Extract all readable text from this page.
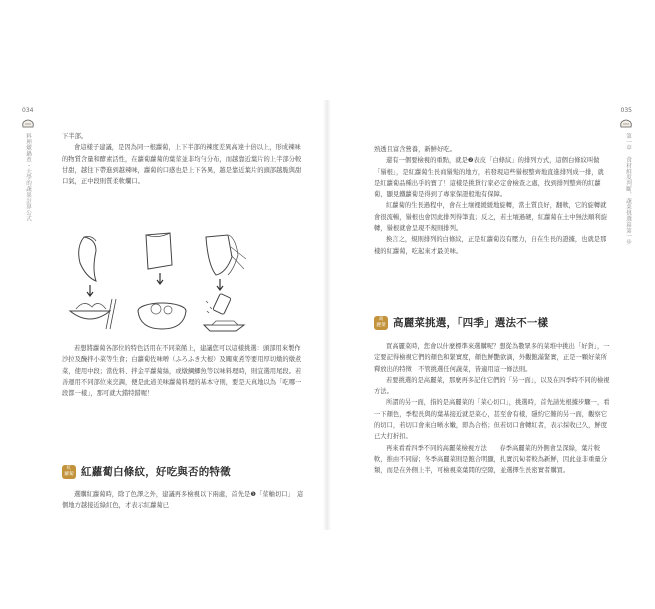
034
料理燉鍋煮・大學的蔬果計算公式	下半部。

會這樣子建議，是因為同一根蘿蔔，上下半部的辣度差異高達十倍以上，形成辣味的物質含量和酵素活性，在蘿蔔蘿蔔的葉莖並非均勻分布，而越靠近葉片的上半部分較甘甜，越往下帶進到越辣味，蘿蔔的口感也是上下各異，越是靠近葉片的頭部越脆與甜口氣，正中段則質柔軟爛口。

若想將蘿蔔各部位的特色活用在不同菜餚上，建議您可以這樣挑選：頭部用來製作沙拉及醃拌小菜等生食；白蘿蔔佐味噌（ふろふき大根）及關東煮等要用厚切燉的燉煮菜，使用中段；當佐料、拌金平蘿蔔絲，或燉鯛鯽魚等以味料理時，則宜選用尾段。若善運用不同部位來烹調，便是此道美味蘿蔔料理的基本守則，要是天真地以為「吃哪一段都一樣」，那可就大錯特錯喔！

紅
蘿蔔 紅蘿蔔白條紋，好吃與否的特徵

選購紅蘿蔔時，除了色澤之外，建議再多檢視以下兩處，首先是❶「莖軸切口」　這個地方越接近綠紅色，才表示紅蘿蔔已

035
第一章　食材鮮度判斷，蔬菜挑選篇第一步

熟透且富含營養，新鮮好吃。

還有一個要檢視的重點，就是❷表皮「白條紋」的排列方式，這個白條紋叫做「鬚根」，是紅蘿蔔生長商鬚髮的地方，若發現這些鬚根整齊地直進排列成一排，就是紅蘿蔔品種出乎的寶了！這樣是挑貨行家必定會檢查之處，找到排列整齊的紅蘿蔔，顯見鐵蘿蔔是得到了專家保證般地有保障。

紅蘿蔔的生長過程中，會在土壤裡緩緩地旋轉，當土質良好，翻軟，它的旋轉就會很流暢，鬚根也會因此排列得筆直；反之，若土壤過硬，紅蘿蔔在土中無法順利旋轉，鬚根就會呈現不規則排列。

換言之，規則排列的白條紋，正是紅蘿蔔沒有壓力，自在生長的證據，也就是那樣的紅蘿蔔，吃起來才最美味。

高
麗菜 高麗菜挑選，「四季」選法不一樣

買高麗菜時，您會以什麼標準來選購呢？想從為數眾多的菜堆中挑出「好貨」，一定要記得檢視它們的顏色和緊實度，顏色鮮艷欲滴，外觀飽滿緊實，正是一顆好菜所釋放出的特徵　不管挑選任何蔬菜，皆適用這一條法則。

若要挑選的是高麗菜，那麼再多記住它們的「另一面」，以及在四季時不同的檢視方法。

所謂的另一面，指的是高麗菜的「菜心切口」，挑選時，首先請先根據步驟一，看一下顏色，季程長與的葉基接近就是菜心，甚至會有樣，隱約它難的另一面，觀察它的切口，若切口會來白晰水嫩，即為合格；但若切口會轉紅者，表示採收已久，鮮度已大打折扣。

再來看看四季不同的高麗菜檢視方法　　春季高麗菜的外側會呈深綠，葉片較軟，推由不同層；冬季高麗菜則是飽合明顯，扎實沉甸者較為新鮮，因此並非重量分類，而是在外側上半，可檢視菜葉間的空隙，並選擇生長密實者購買。
